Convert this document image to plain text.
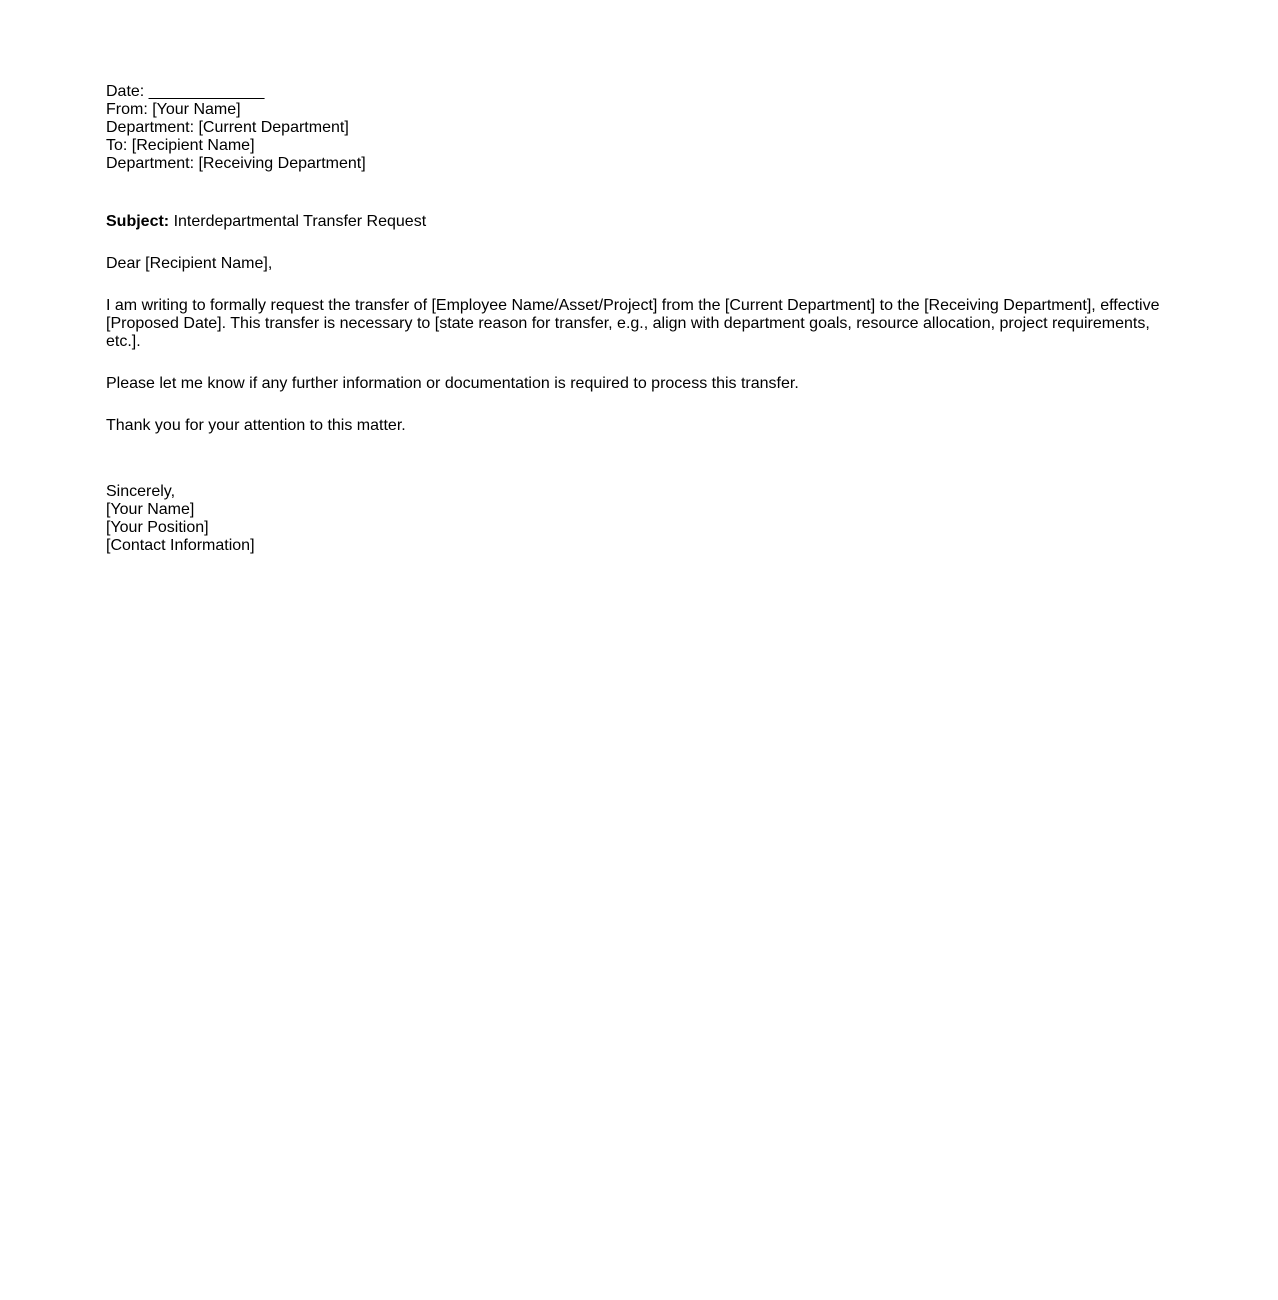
Date: _____________
From: [Your Name]
Department: [Current Department]
To: [Recipient Name]
Department: [Receiving Department]
Subject: Interdepartmental Transfer Request
Dear [Recipient Name],
I am writing to formally request the transfer of [Employee Name/Asset/Project] from the [Current Department] to the [Receiving Department], effective [Proposed Date]. This transfer is necessary to [state reason for transfer, e.g., align with department goals, resource allocation, project requirements, etc.].
Please let me know if any further information or documentation is required to process this transfer.
Thank you for your attention to this matter.
Sincerely,
[Your Name]
[Your Position]
[Contact Information]
